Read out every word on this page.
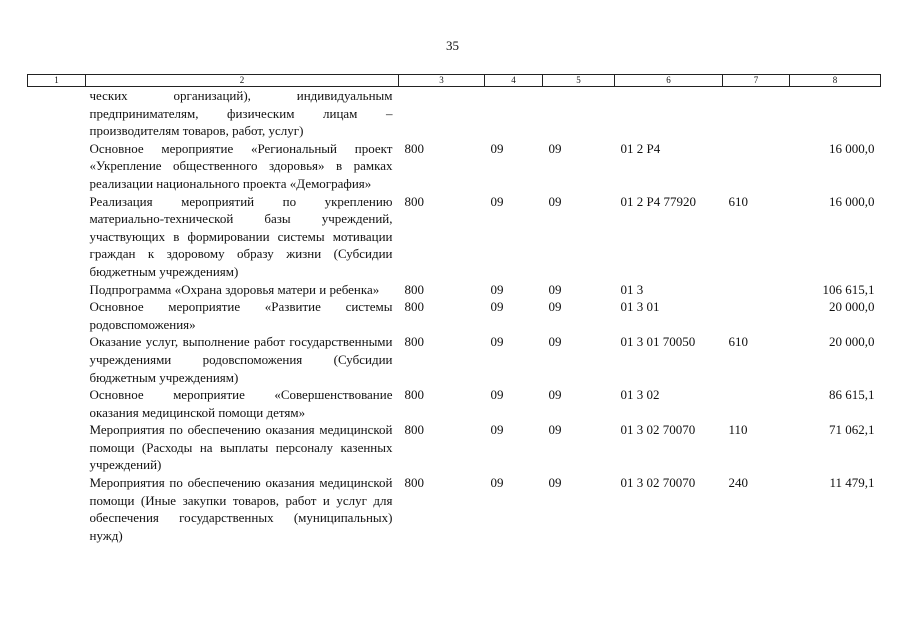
35
1	2	3	4	5	6	7	8
	ческих организаций), индивидуальным предпринимателям, физическим лицам – производителям товаров, работ, услуг)						
	Основное мероприятие «Региональный проект «Укрепление общественного здоровья» в рамках реализации национального проекта «Демография»	800	09	09	01 2 Р4		16 000,0
	Реализация мероприятий по укреплению материально-технической базы учреждений, участвующих в формировании системы мотивации граждан к здоровому образу жизни (Субсидии бюджетным учреждениям)	800	09	09	01 2 Р4 77920	610	16 000,0
	Подпрограмма «Охрана здоровья матери и ребенка»	800	09	09	01 3		106 615,1
	Основное мероприятие «Развитие системы родовспоможения»	800	09	09	01 3 01		20 000,0
	Оказание услуг, выполнение работ государственными учреждениями родовспоможения (Субсидии бюджетным учреждениям)	800	09	09	01 3 01 70050	610	20 000,0
	Основное мероприятие «Совершенствование оказания медицинской помощи детям»	800	09	09	01 3 02		86 615,1
	Мероприятия по обеспечению оказания медицинской помощи (Расходы на выплаты персоналу казенных учреждений)	800	09	09	01 3 02 70070	110	71 062,1
	Мероприятия по обеспечению оказания медицинской помощи (Иные закупки товаров, работ и услуг для обеспечения государственных (муниципальных) нужд)	800	09	09	01 3 02 70070	240	11 479,1
